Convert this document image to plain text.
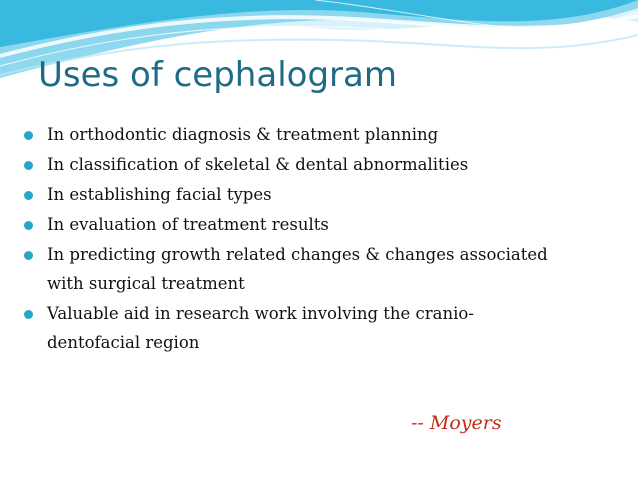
Uses of cephalogram
In orthodontic diagnosis & treatment planning
In classification of skeletal & dental abnormalities
In establishing facial types
In evaluation of treatment results
In predicting growth related changes & changes associated with surgical treatment
Valuable aid in research work involving the cranio-dentofacial region

-- Moyers
